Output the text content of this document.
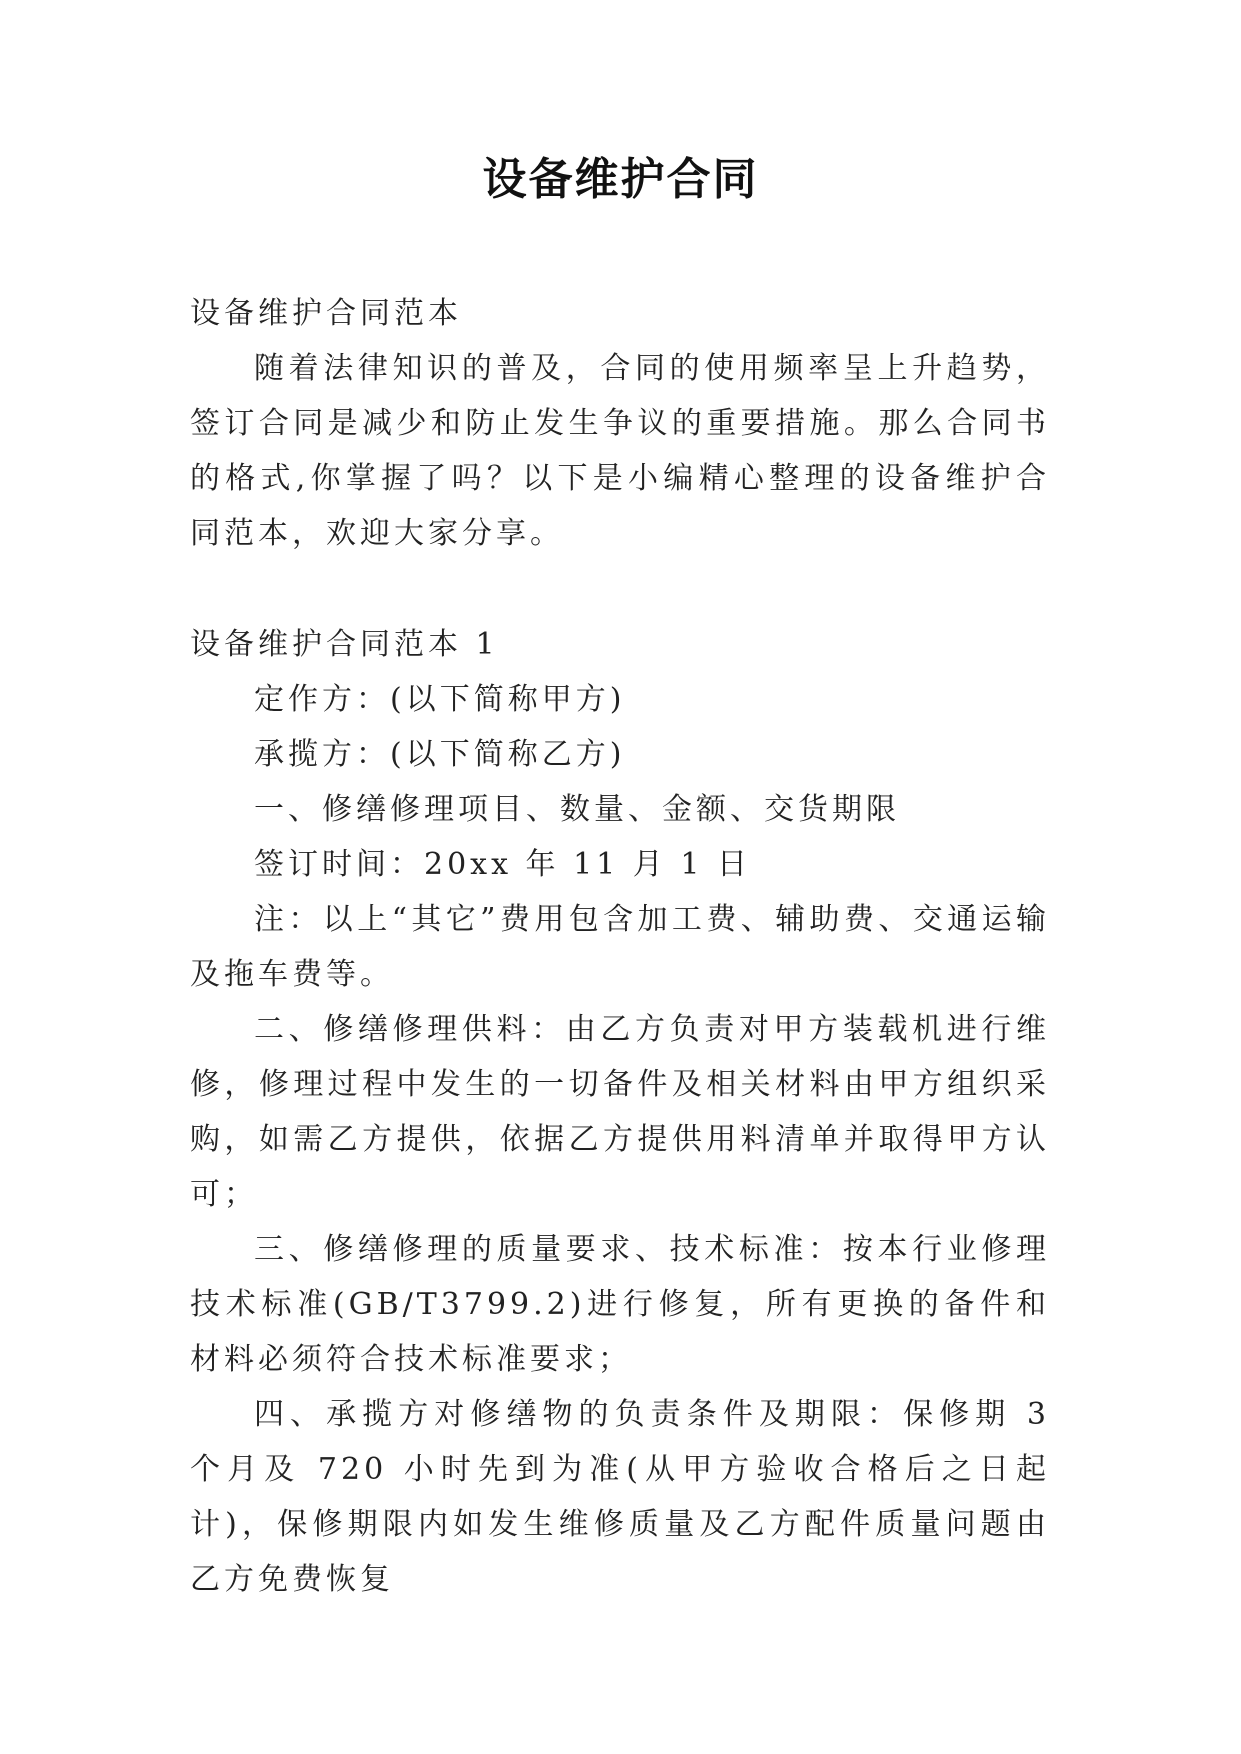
设备维护合同

设备维护合同范本

随着法律知识的普及，合同的使用频率呈上升趋势，签订合同是减少和防止发生争议的重要措施。那么合同书的格式,你掌握了吗？以下是小编精心整理的设备维护合同范本，欢迎大家分享。

设备维护合同范本 1

定作方：(以下简称甲方)

承揽方：(以下简称乙方)

一、修缮修理项目、数量、金额、交货期限

签订时间：20xx 年 11 月 1 日

注：以上“其它”费用包含加工费、辅助费、交通运输及拖车费等。

二、修缮修理供料：由乙方负责对甲方装载机进行维修，修理过程中发生的一切备件及相关材料由甲方组织采购，如需乙方提供，依据乙方提供用料清单并取得甲方认可；

三、修缮修理的质量要求、技术标准：按本行业修理技术标准(GB/T3799.2)进行修复，所有更换的备件和材料必须符合技术标准要求；

四、承揽方对修缮物的负责条件及期限：保修期 3 个月及 720 小时先到为准(从甲方验收合格后之日起计)，保修期限内如发生维修质量及乙方配件质量问题由乙方免费恢复
